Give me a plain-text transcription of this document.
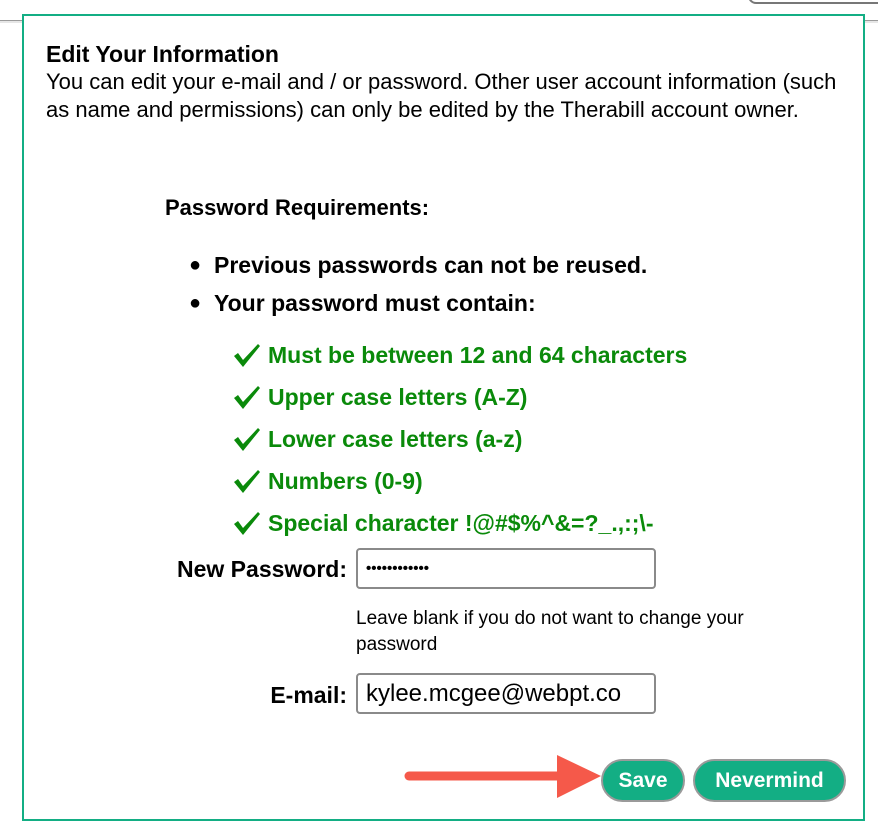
Edit Your Information
You can edit your e-mail and / or password. Other user account information (such as name and permissions) can only be edited by the Therabill account owner.
Password Requirements:
● Previous passwords can not be reused.
● Your password must contain:
Must be between 12 and 64 characters
Upper case letters (A-Z)
Lower case letters (a-z)
Numbers (0-9)
Special character !@#$%^&=?_.,:;\-
New Password: ••••••••••••
Leave blank if you do not want to change your password
E-mail: kylee.mcgee@webpt.co
Save	Nevermind
